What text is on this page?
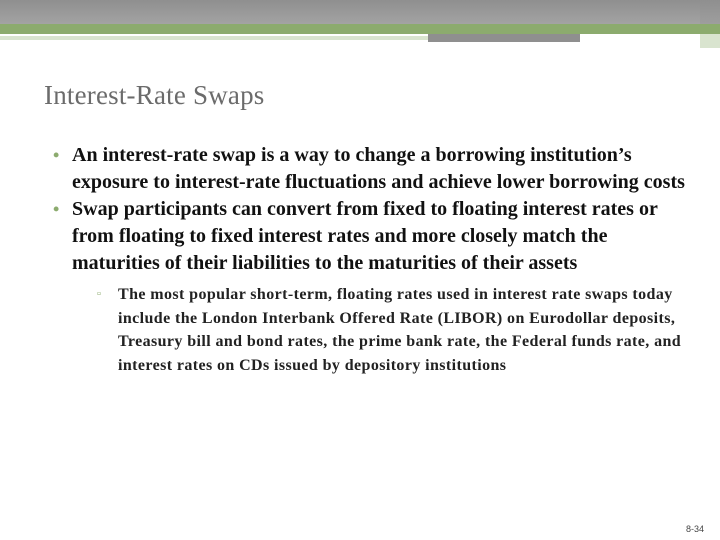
Interest-Rate Swaps
• An interest-rate swap is a way to change a borrowing institution’s exposure to interest-rate fluctuations and achieve lower borrowing costs
• Swap participants can convert from fixed to floating interest rates or from floating to fixed interest rates and more closely match the maturities of their liabilities to the maturities of their assets
▫ The most popular short-term, floating rates used in interest rate swaps today include the London Interbank Offered Rate (LIBOR) on Eurodollar deposits, Treasury bill and bond rates, the prime bank rate, the Federal funds rate, and interest rates on CDs issued by depository institutions
8-34
